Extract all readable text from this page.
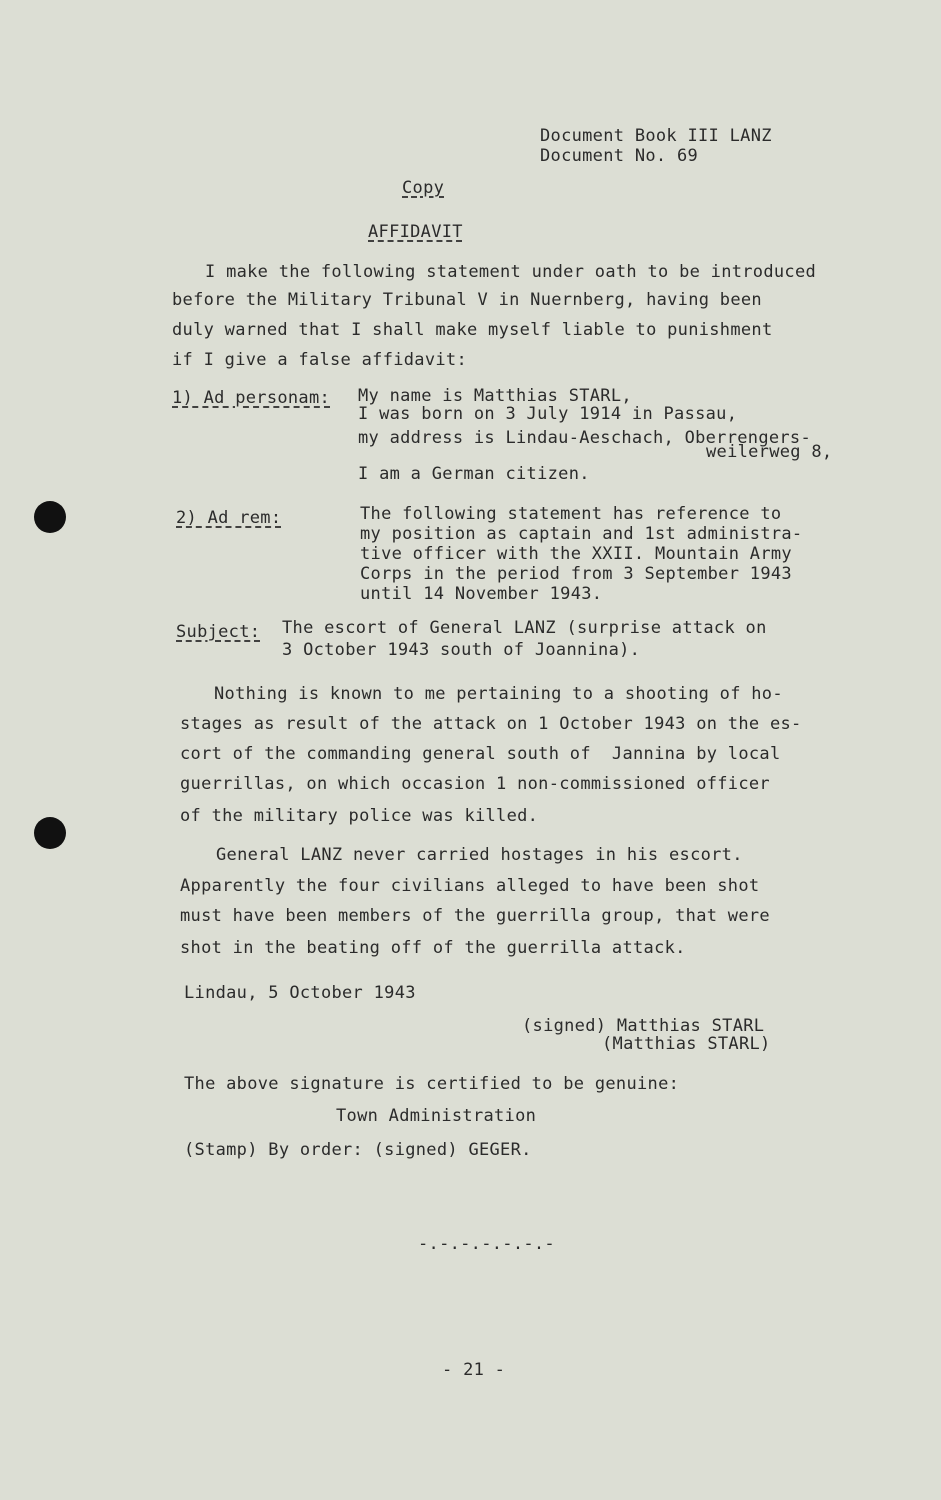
Document Book III LANZ
Document No. 69
Copy
AFFIDAVIT
I make the following statement under oath to be introduced
before the Military Tribunal V in Nuernberg, having been
duly warned that I shall make myself liable to punishment
if I give a false affidavit:
1) Ad personam: My name is Matthias STARL,
I was born on 3 July 1914 in Passau,
my address is Lindau-Aeschach, Oberrengers-
weilerweg 8,
I am a German citizen.
2) Ad rem:	The following statement has reference to
my position as captain and 1st administra-
tive officer with the XXII. Mountain Army
Corps in the period from 3 September 1943
until 14 November 1943.
Subject: The escort of General LANZ (surprise attack on
3 October 1943 south of Joannina).
Nothing is known to me pertaining to a shooting of ho-
stages as result of the attack on 1 October 1943 on the es-
cort of the commanding general south of  Jannina by local
guerrillas, on which occasion 1 non-commissioned officer
of the military police was killed.
General LANZ never carried hostages in his escort.
Apparently the four civilians alleged to have been shot
must have been members of the guerrilla group, that were
shot in the beating off of the guerrilla attack.
Lindau, 5 October 1943
(signed) Matthias STARL
(Matthias STARL)
The above signature is certified to be genuine:
Town Administration
(Stamp) By order: (signed) GEGER.
-.-.-.-.-.-.-
- 21 -
